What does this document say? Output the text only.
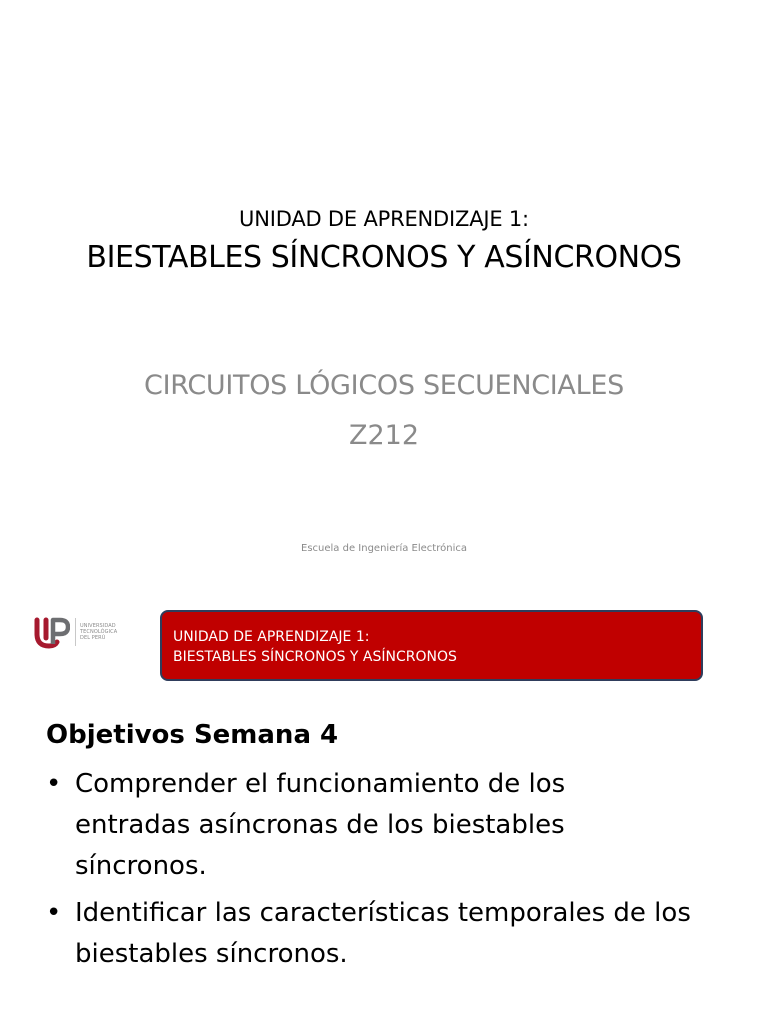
UNIDAD DE APRENDIZAJE 1:
BIESTABLES SÍNCRONOS Y ASÍNCRONOS
CIRCUITOS LÓGICOS SECUENCIALES
Z212
Escuela de Ingeniería Electrónica
UNIVERSIDAD
TECNOLÓGICA
DEL PERÚ	UNIDAD DE APRENDIZAJE 1:
BIESTABLES SÍNCRONOS Y ASÍNCRONOS
Objetivos Semana 4
• Comprender el funcionamiento de los
entradas asíncronas de los biestables
síncronos.
• Identificar las características temporales de los
biestables síncronos.
